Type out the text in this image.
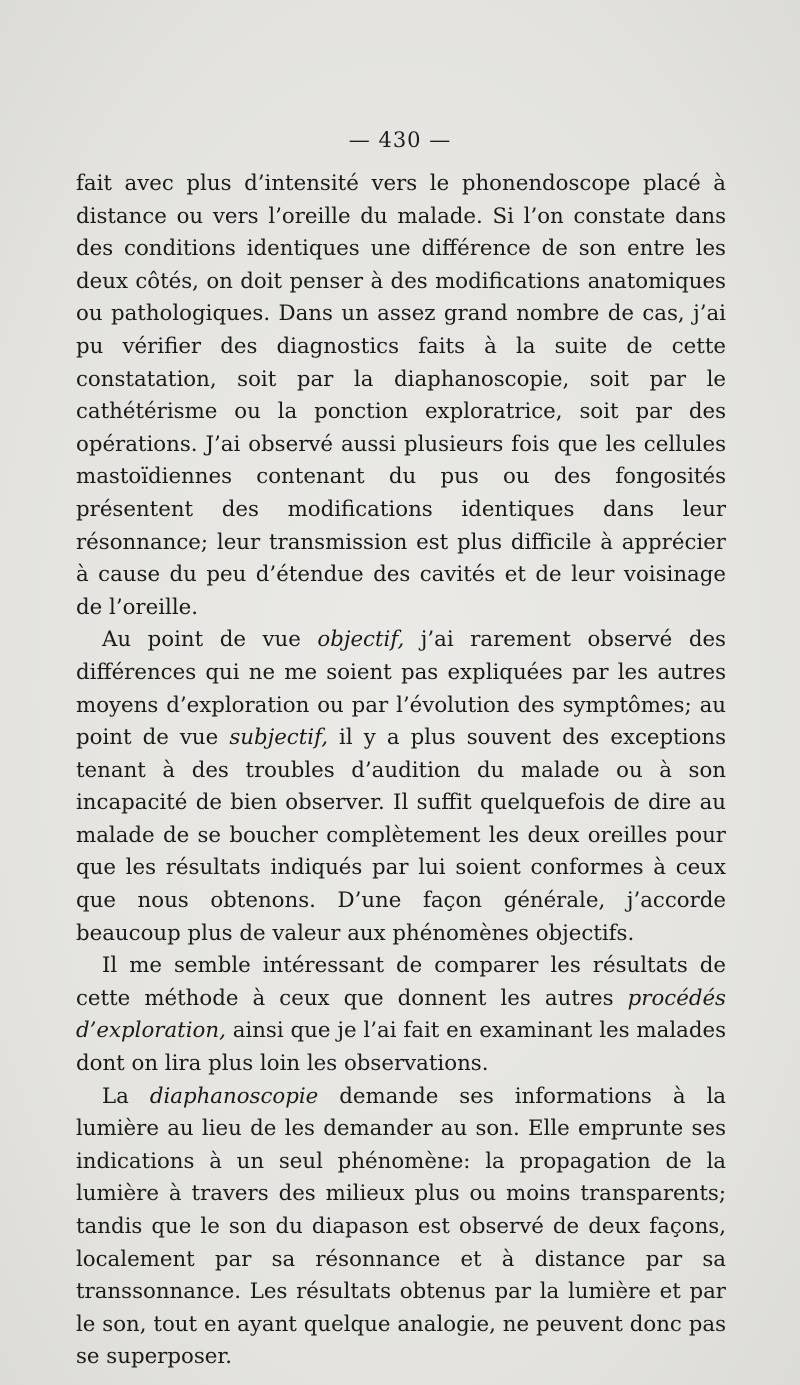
— 430 —

fait avec plus d’intensité vers le phonendoscope placé à distance ou vers l’oreille du malade. Si l’on constate dans des conditions identiques une différence de son entre les deux côtés, on doit penser à des modifications anatomiques ou pathologiques. Dans un assez grand nombre de cas, j’ai pu vérifier des diagnostics faits à la suite de cette constatation, soit par la diaphanoscopie, soit par le cathétérisme ou la ponction exploratrice, soit par des opérations. J’ai observé aussi plusieurs fois que les cellules mastoïdiennes contenant du pus ou des fongosités présentent des modifications identiques dans leur résonnance; leur transmission est plus difficile à apprécier à cause du peu d’étendue des cavités et de leur voisinage de l’oreille.

Au point de vue objectif, j’ai rarement observé des différences qui ne me soient pas expliquées par les autres moyens d’exploration ou par l’évolution des symptômes; au point de vue subjectif, il y a plus souvent des exceptions tenant à des troubles d’audition du malade ou à son incapacité de bien observer. Il suffit quelquefois de dire au malade de se boucher complètement les deux oreilles pour que les résultats indiqués par lui soient conformes à ceux que nous obtenons. D’une façon générale, j’accorde beaucoup plus de valeur aux phénomènes objectifs.

Il me semble intéressant de comparer les résultats de cette méthode à ceux que donnent les autres procédés d’exploration, ainsi que je l’ai fait en examinant les malades dont on lira plus loin les observations.

La diaphanoscopie demande ses informations à la lumière au lieu de les demander au son. Elle emprunte ses indications à un seul phénomène: la propagation de la lumière à travers des milieux plus ou moins transparents; tandis que le son du diapason est observé de deux façons, localement par sa résonnance et à distance par sa transsonnance. Les résultats obtenus par la lumière et par le son, tout en ayant quelque analogie, ne peuvent donc pas se superposer.
